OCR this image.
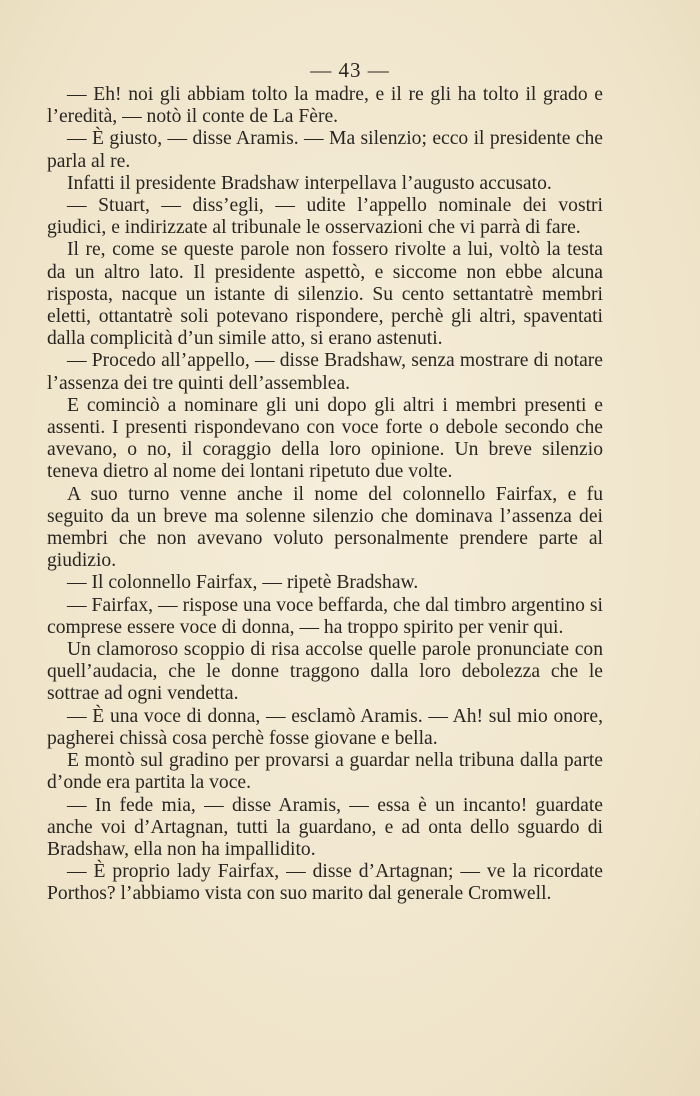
— 43 —

— Eh! noi gli abbiam tolto la madre, e il re gli ha tolto il grado e l’eredità, — notò il conte de La Fère.

— È giusto, — disse Aramis. — Ma silenzio; ecco il presidente che parla al re.

Infatti il presidente Bradshaw interpellava l’augusto accusato.

— Stuart, — diss’egli, — udite l’appello nominale dei vostri giudici, e indirizzate al tribunale le osservazioni che vi parrà di fare.

Il re, come se queste parole non fossero rivolte a lui, voltò la testa da un altro lato. Il presidente aspettò, e siccome non ebbe alcuna risposta, nacque un istante di silenzio. Su cento settantatrè membri eletti, ottantatrè soli potevano rispondere, perchè gli altri, spaventati dalla complicità d’un simile atto, si erano astenuti.

— Procedo all’appello, — disse Bradshaw, senza mostrare di notare l’assenza dei tre quinti dell’assemblea.

E cominciò a nominare gli uni dopo gli altri i membri presenti e assenti. I presenti rispondevano con voce forte o debole secondo che avevano, o no, il coraggio della loro opinione. Un breve silenzio teneva dietro al nome dei lontani ripetuto due volte.

A suo turno venne anche il nome del colonnello Fairfax, e fu seguito da un breve ma solenne silenzio che dominava l’assenza dei membri che non avevano voluto personalmente prendere parte al giudizio.

— Il colonnello Fairfax, — ripetè Bradshaw.

— Fairfax, — rispose una voce beffarda, che dal timbro argentino si comprese essere voce di donna, — ha troppo spirito per venir qui.

Un clamoroso scoppio di risa accolse quelle parole pronunciate con quell’audacia, che le donne traggono dalla loro debolezza che le sottrae ad ogni vendetta.

— È una voce di donna, — esclamò Aramis. — Ah! sul mio onore, pagherei chissà cosa perchè fosse giovane e bella.

E montò sul gradino per provarsi a guardar nella tribuna dalla parte d’onde era partita la voce.

— In fede mia, — disse Aramis, — essa è un incanto! guardate anche voi d’Artagnan, tutti la guardano, e ad onta dello sguardo di Bradshaw, ella non ha impallidito.

— È proprio lady Fairfax, — disse d’Artagnan; — ve la ricordate Porthos? l’abbiamo vista con suo marito dal generale Cromwell.
